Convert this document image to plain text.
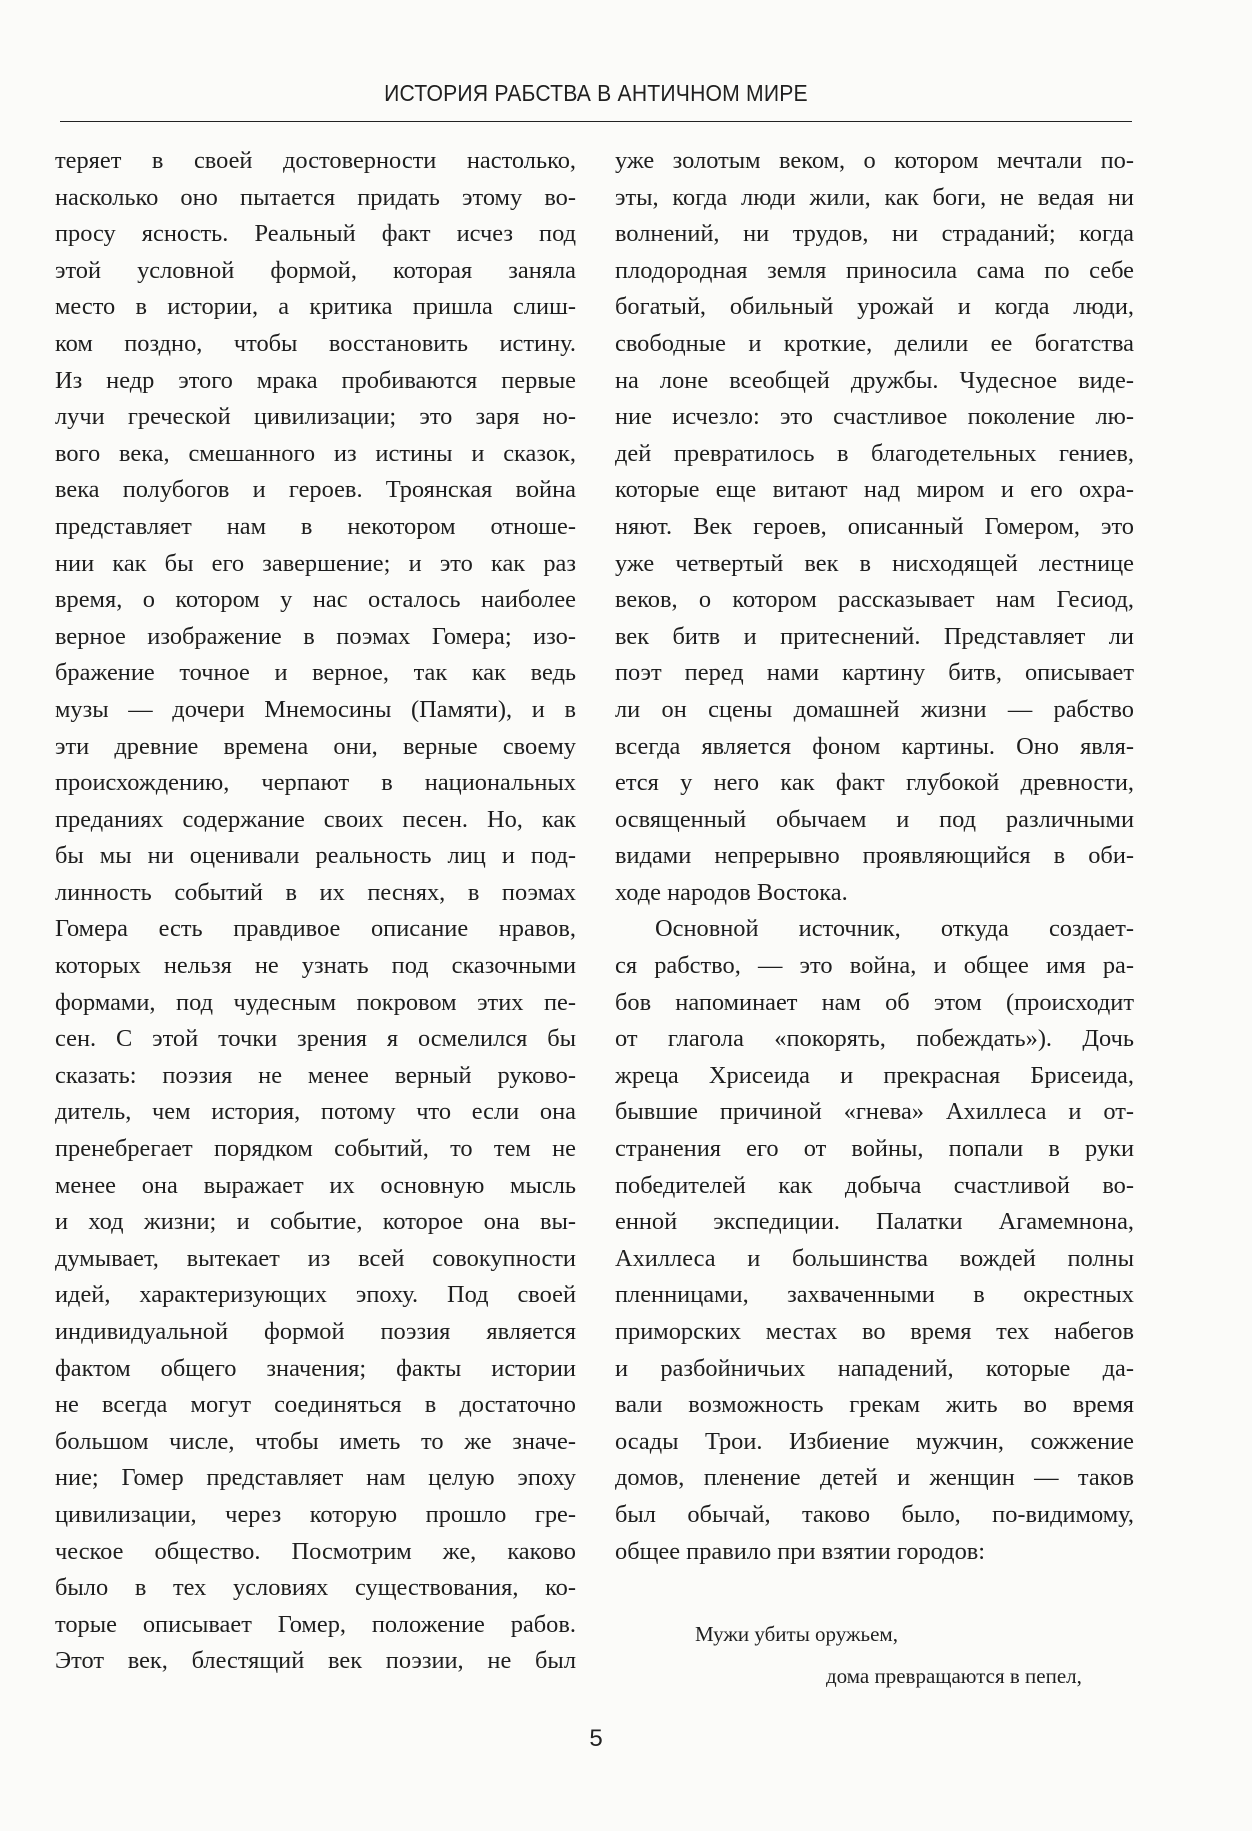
ИСТОРИЯ РАБСТВА В АНТИЧНОМ МИРЕ

теряет в своей достоверности настолько,
насколько оно пытается придать этому во-
просу ясность. Реальный факт исчез под
этой условной формой, которая заняла
место в истории, а критика пришла слиш-
ком поздно, чтобы восстановить истину.
Из недр этого мрака пробиваются первые
лучи греческой цивилизации; это заря но-
вого века, смешанного из истины и сказок,
века полубогов и героев. Троянская война
представляет нам в некотором отноше-
нии как бы его завершение; и это как раз
время, о котором у нас осталось наиболее
верное изображение в поэмах Гомера; изо-
бражение точное и верное, так как ведь
музы — дочери Мнемосины (Памяти), и в
эти древние времена они, верные своему
происхождению, черпают в национальных
преданиях содержание своих песен. Но, как
бы мы ни оценивали реальность лиц и под-
линность событий в их песнях, в поэмах
Гомера есть правдивое описание нравов,
которых нельзя не узнать под сказочными
формами, под чудесным покровом этих пе-
сен. С этой точки зрения я осмелился бы
сказать: поэзия не менее верный руково-
дитель, чем история, потому что если она
пренебрегает порядком событий, то тем не
менее она выражает их основную мысль
и ход жизни; и событие, которое она вы-
думывает, вытекает из всей совокупности
идей, характеризующих эпоху. Под своей
индивидуальной формой поэзия является
фактом общего значения; факты истории
не всегда могут соединяться в достаточно
большом числе, чтобы иметь то же значе-
ние; Гомер представляет нам целую эпоху
цивилизации, через которую прошло гре-
ческое общество. Посмотрим же, каково
было в тех условиях существования, ко-
торые описывает Гомер, положение рабов.
Этот век, блестящий век поэзии, не был

уже золотым веком, о котором мечтали по-
эты, когда люди жили, как боги, не ведая ни
волнений, ни трудов, ни страданий; когда
плодородная земля приносила сама по себе
богатый, обильный урожай и когда люди,
свободные и кроткие, делили ее богатства
на лоне всеобщей дружбы. Чудесное виде-
ние исчезло: это счастливое поколение лю-
дей превратилось в благодетельных гениев,
которые еще витают над миром и его охра-
няют. Век героев, описанный Гомером, это
уже четвертый век в нисходящей лестнице
веков, о котором рассказывает нам Гесиод,
век битв и притеснений. Представляет ли
поэт перед нами картину битв, описывает
ли он сцены домашней жизни — рабство
всегда является фоном картины. Оно явля-
ется у него как факт глубокой древности,
освященный обычаем и под различными
видами непрерывно проявляющийся в оби-
ходе народов Востока.

Основной источник, откуда создает-
ся рабство, — это война, и общее имя ра-
бов напоминает нам об этом (происходит
от глагола «покорять, побеждать»). Дочь
жреца Хрисеида и прекрасная Брисеида,
бывшие причиной «гнева» Ахиллеса и от-
странения его от войны, попали в руки
победителей как добыча счастливой во-
енной экспедиции. Палатки Агамемнона,
Ахиллеса и большинства вождей полны
пленницами, захваченными в окрестных
приморских местах во время тех набегов
и разбойничьих нападений, которые да-
вали возможность грекам жить во время
осады Трои. Избиение мужчин, сожжение
домов, пленение детей и женщин — таков
был обычай, таково было, по-видимому,
общее правило при взятии городов:

Мужи убиты оружьем,
дома превращаются в пепел,
5
